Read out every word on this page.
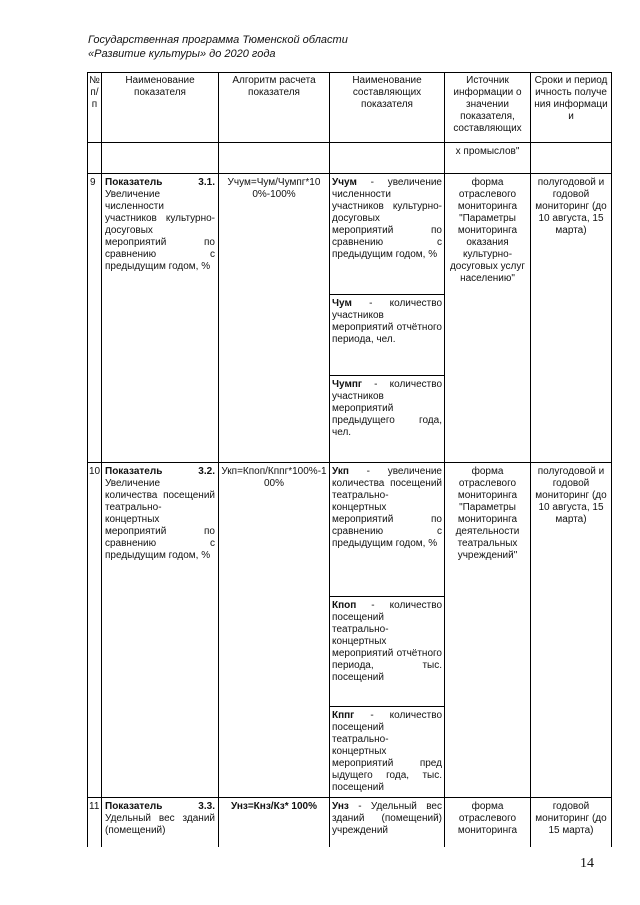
Государственная программа Тюменской области
«Развитие культуры» до 2020 года
№ п/п
Наименование показателя
Алгоритм расчета показателя
Наименование составляющих показателя
Источник информации о значении показателя, составляющих
Сроки и периодичность получения информации
х промыслов"
9 Показатель 3.1.
Увеличение численности участников культурно-досуговых мероприятий по сравнению с предыдущим годом, %
Учум=Чум/Чумпг*100%-100%
Учум - увеличение численности участников культурно-досуговых мероприятий по сравнению с предыдущим годом, %
Чум - количество участников мероприятий отчётного периода, чел.
Чумпг - количество участников мероприятий предыдущего года, чел.
форма отраслевого мониторинга "Параметры мониторинга оказания культурно-досуговых услуг населению"
полугодовой и годовой мониторинг (до 10 августа, 15 марта)
10 Показатель 3.2.
Увеличение количества посещений театрально-концертных мероприятий по сравнению с предыдущим годом, %
Укп=Кпоп/Кппг*100%-100%
Укп - увеличение количества посещений театрально-концертных мероприятий по сравнению с предыдущим годом, %
Кпоп - количество посещений театрально-концертных мероприятий отчётного периода, тыс. посещений
Кппг - количество посещений театрально-концертных мероприятий пред ыдущего года, тыс. посещений
форма отраслевого мониторинга "Параметры мониторинга деятельности театральных учреждений"
полугодовой и годовой мониторинг (до 10 августа, 15 марта)
11 Показатель 3.3.
Удельный вес зданий (помещений)
Унз=Кнз/Кз* 100%	Унз - Удельный вес зданий (помещений) учреждений
форма отраслевого мониторинга
годовой мониторинг (до 15 марта)
14
